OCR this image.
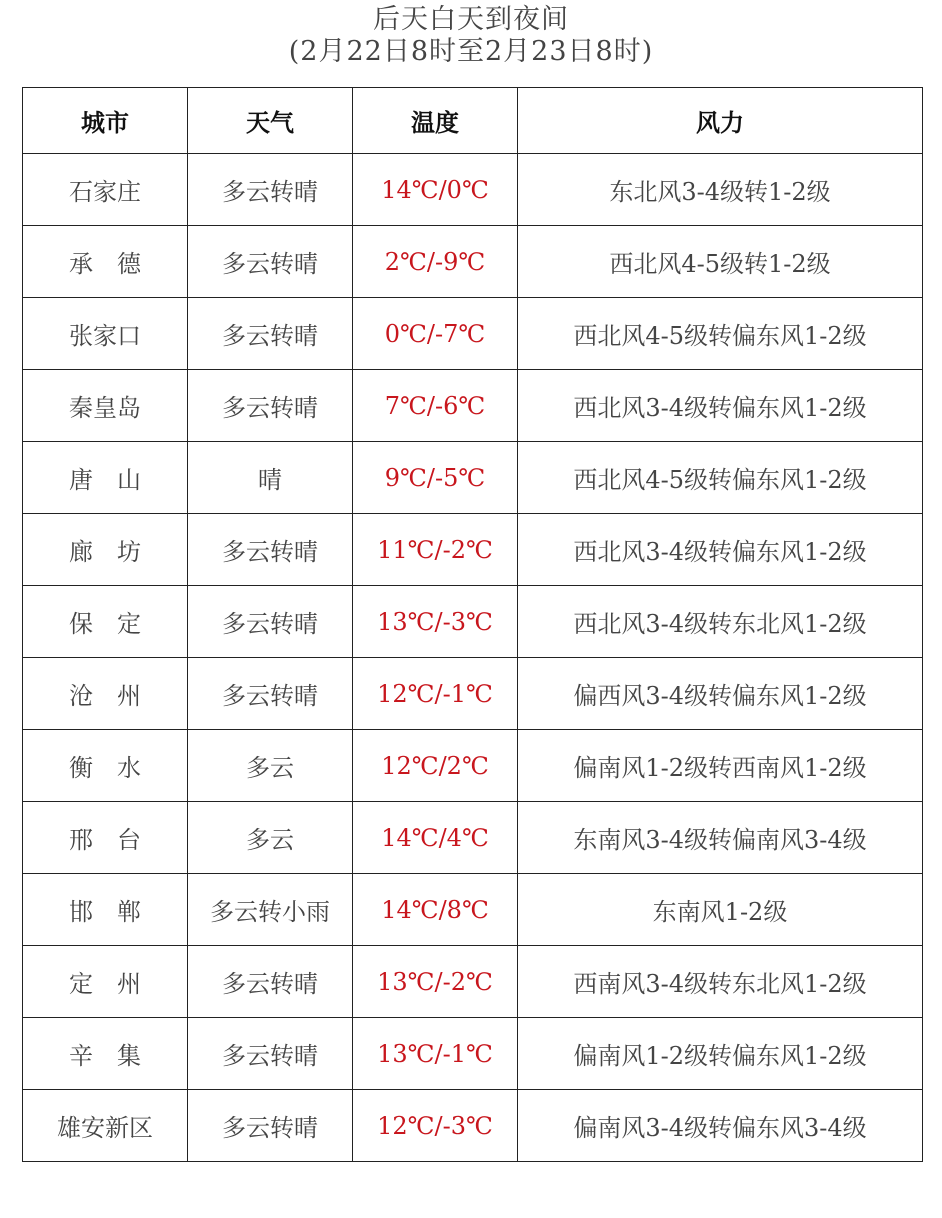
后天白天到夜间
(2月22日8时至2月23日8时)
城市	天气	温度	风力
石家庄	多云转晴	14℃/0℃	东北风3-4级转1-2级
承　德	多云转晴	2℃/-9℃	西北风4-5级转1-2级
张家口	多云转晴	0℃/-7℃	西北风4-5级转偏东风1-2级
秦皇岛	多云转晴	7℃/-6℃	西北风3-4级转偏东风1-2级
唐　山	晴	9℃/-5℃	西北风4-5级转偏东风1-2级
廊　坊	多云转晴	11℃/-2℃	西北风3-4级转偏东风1-2级
保　定	多云转晴	13℃/-3℃	西北风3-4级转东北风1-2级
沧　州	多云转晴	12℃/-1℃	偏西风3-4级转偏东风1-2级
衡　水	多云	12℃/2℃	偏南风1-2级转西南风1-2级
邢　台	多云	14℃/4℃	东南风3-4级转偏南风3-4级
邯　郸	多云转小雨	14℃/8℃	东南风1-2级
定　州	多云转晴	13℃/-2℃	西南风3-4级转东北风1-2级
辛　集	多云转晴	13℃/-1℃	偏南风1-2级转偏东风1-2级
雄安新区	多云转晴	12℃/-3℃	偏南风3-4级转偏东风3-4级
